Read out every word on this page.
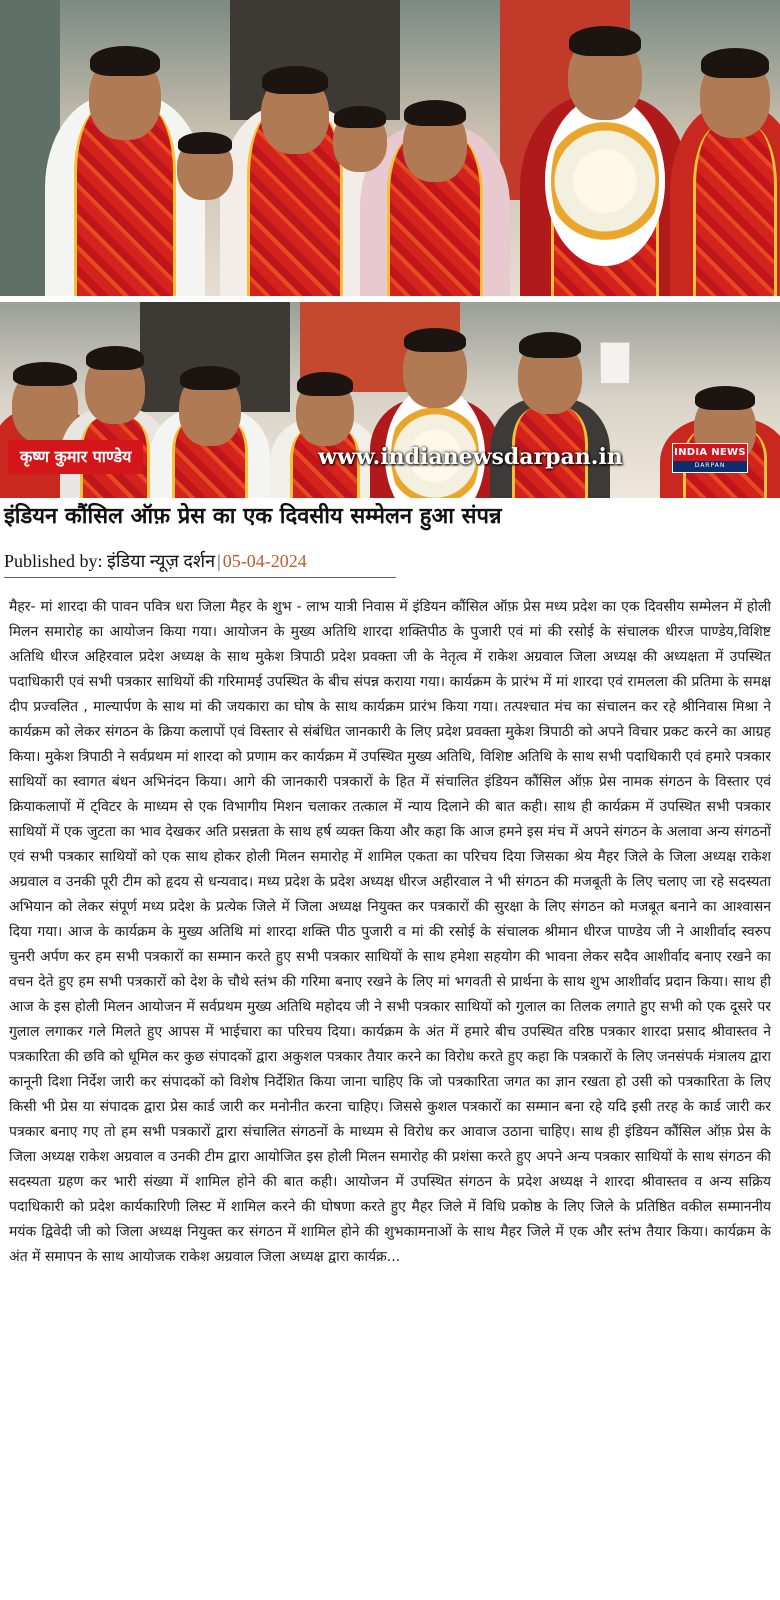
कृष्ण कुमार पाण्डेय	www.indianewsdarpan.in	INDIA NEWS
DARPAN
इंडियन कौंसिल ऑफ़ प्रेस का एक दिवसीय सम्मेलन हुआ संपन्न
Published by: इंडिया न्यूज़ दर्शन | 05-04-2024

मैहर- मां शारदा की पावन पवित्र धरा जिला मैहर के शुभ - लाभ यात्री निवास में इंडियन कौंसिल ऑफ़ प्रेस मध्य प्रदेश का एक दिवसीय सम्मेलन में होली मिलन समारोह का आयोजन किया गया। आयोजन के मुख्य अतिथि शारदा शक्तिपीठ के पुजारी एवं मां की रसोई के संचालक धीरज पाण्डेय,विशिष्ट अतिथि धीरज अहिरवाल प्रदेश अध्यक्ष के साथ मुकेश त्रिपाठी प्रदेश प्रवक्ता जी के नेतृत्व में राकेश अग्रवाल जिला अध्यक्ष की अध्यक्षता में उपस्थित पदाधिकारी एवं सभी पत्रकार साथियों की गरिमामई उपस्थित के बीच संपन्न कराया गया। कार्यक्रम के प्रारंभ में मां शारदा एवं रामलला की प्रतिमा के समक्ष दीप प्रज्वलित , माल्यार्पण के साथ मां की जयकारा का घोष के साथ कार्यक्रम प्रारंभ किया गया। तत्पश्चात मंच का संचालन कर रहे श्रीनिवास मिश्रा ने कार्यक्रम को लेकर संगठन के क्रिया कलापों एवं विस्तार से संबंधित जानकारी के लिए प्रदेश प्रवक्ता मुकेश त्रिपाठी को अपने विचार प्रकट करने का आग्रह किया। मुकेश त्रिपाठी ने सर्वप्रथम मां शारदा को प्रणाम कर कार्यक्रम में उपस्थित मुख्य अतिथि, विशिष्ट अतिथि के साथ सभी पदाधिकारी एवं हमारे पत्रकार साथियों का स्वागत बंधन अभिनंदन किया। आगे की जानकारी पत्रकारों के हित में संचालित इंडियन कौंसिल ऑफ़ प्रेस नामक संगठन के विस्तार एवं क्रियाकलापों में ट्विटर के माध्यम से एक विभागीय मिशन चलाकर तत्काल में न्याय दिलाने की बात कही। साथ ही कार्यक्रम में उपस्थित सभी पत्रकार साथियों में एक जुटता का भाव देखकर अति प्रसन्नता के साथ हर्ष व्यक्त किया और कहा कि आज हमने इस मंच में अपने संगठन के अलावा अन्य संगठनों एवं सभी पत्रकार साथियों को एक साथ होकर होली मिलन समारोह में शामिल एकता का परिचय दिया जिसका श्रेय मैहर जिले के जिला अध्यक्ष राकेश अग्रवाल व उनकी पूरी टीम को हृदय से धन्यवाद। मध्य प्रदेश के प्रदेश अध्यक्ष धीरज अहीरवाल ने भी संगठन की मजबूती के लिए चलाए जा रहे सदस्यता अभियान को लेकर संपूर्ण मध्य प्रदेश के प्रत्येक जिले में जिला अध्यक्ष नियुक्त कर पत्रकारों की सुरक्षा के लिए संगठन को मजबूत बनाने का आश्वासन दिया गया। आज के कार्यक्रम के मुख्य अतिथि मां शारदा शक्ति पीठ पुजारी व मां की रसोई के संचालक श्रीमान धीरज पाण्डेय जी ने आशीर्वाद स्वरुप चुनरी अर्पण कर हम सभी पत्रकारों का सम्मान करते हुए सभी पत्रकार साथियों के साथ हमेशा सहयोग की भावना लेकर सदैव आशीर्वाद बनाए रखने का वचन देते हुए हम सभी पत्रकारों को देश के चौथे स्तंभ की गरिमा बनाए रखने के लिए मां भगवती से प्रार्थना के साथ शुभ आशीर्वाद प्रदान किया। साथ ही आज के इस होली मिलन आयोजन में सर्वप्रथम मुख्य अतिथि महोदय जी ने सभी पत्रकार साथियों को गुलाल का तिलक लगाते हुए सभी को एक दूसरे पर गुलाल लगाकर गले मिलते हुए आपस में भाईचारा का परिचय दिया। कार्यक्रम के अंत में हमारे बीच उपस्थित वरिष्ठ पत्रकार शारदा प्रसाद श्रीवास्तव ने पत्रकारिता की छवि को धूमिल कर कुछ संपादकों द्वारा अकुशल पत्रकार तैयार करने का विरोध करते हुए कहा कि पत्रकारों के लिए जनसंपर्क मंत्रालय द्वारा कानूनी दिशा निर्देश जारी कर संपादकों को विशेष निर्देशित किया जाना चाहिए कि जो पत्रकारिता जगत का ज्ञान रखता हो उसी को पत्रकारिता के लिए किसी भी प्रेस या संपादक द्वारा प्रेस कार्ड जारी कर मनोनीत करना चाहिए। जिससे कुशल पत्रकारों का सम्मान बना रहे यदि इसी तरह के कार्ड जारी कर पत्रकार बनाए गए तो हम सभी पत्रकारों द्वारा संचालित संगठनों के माध्यम से विरोध कर आवाज उठाना चाहिए। साथ ही इंडियन कौंसिल ऑफ़ प्रेस के जिला अध्यक्ष राकेश अग्रवाल व उनकी टीम द्वारा आयोजित इस होली मिलन समारोह की प्रशंसा करते हुए अपने अन्य पत्रकार साथियों के साथ संगठन की सदस्यता ग्रहण कर भारी संख्या में शामिल होने की बात कही। आयोजन में उपस्थित संगठन के प्रदेश अध्यक्ष ने शारदा श्रीवास्तव व अन्य सक्रिय पदाधिकारी को प्रदेश कार्यकारिणी लिस्ट में शामिल करने की घोषणा करते हुए मैहर जिले में विधि प्रकोष्ठ के लिए जिले के प्रतिष्ठित वकील सम्माननीय मयंक द्विवेदी जी को जिला अध्यक्ष नियुक्त कर संगठन में शामिल होने की शुभकामनाओं के साथ मैहर जिले में एक और स्तंभ तैयार किया। कार्यक्रम के अंत में समापन के साथ आयोजक राकेश अग्रवाल जिला अध्यक्ष द्वारा कार्यक्र...
